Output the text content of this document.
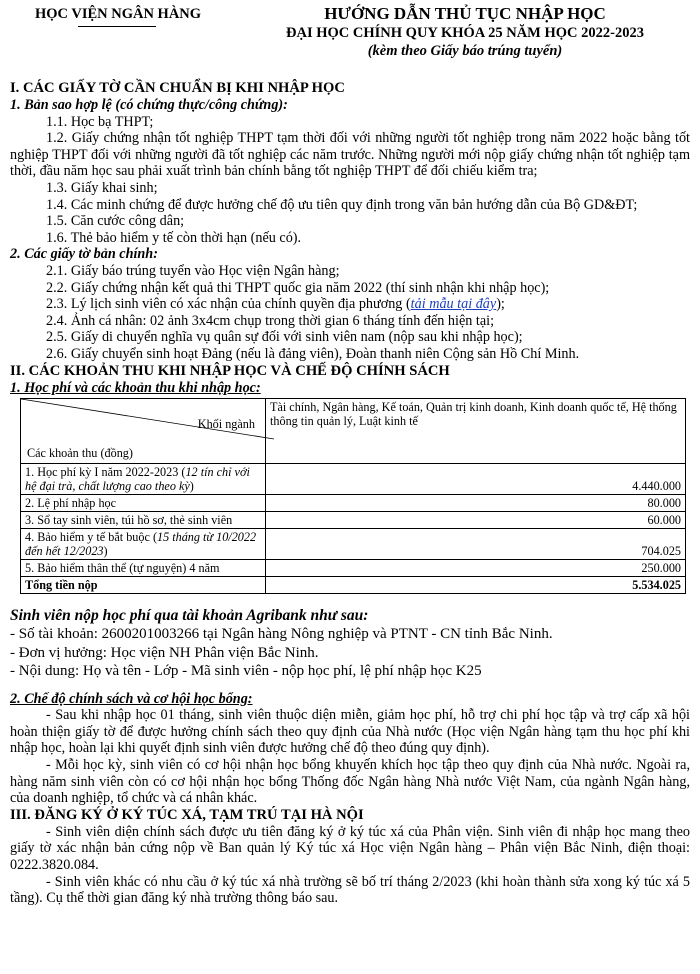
HỌC VIỆN NGÂN HÀNG	HƯỚNG DẪN THỦ TỤC NHẬP HỌC
ĐẠI HỌC CHÍNH QUY KHÓA 25 NĂM HỌC 2022-2023
(kèm theo Giấy báo trúng tuyển)
I. CÁC GIẤY TỜ CẦN CHUẨN BỊ KHI NHẬP HỌC
1. Bản sao hợp lệ (có chứng thực/công chứng):
1.1. Học bạ THPT;
1.2. Giấy chứng nhận tốt nghiệp THPT tạm thời đối với những người tốt nghiệp trong năm 2022 hoặc bằng tốt nghiệp THPT đối với những người đã tốt nghiệp các năm trước. Những người mới nộp giấy chứng nhận tốt nghiệp tạm thời, đầu năm học sau phải xuất trình bản chính bằng tốt nghiệp THPT để đối chiếu kiểm tra;
1.3. Giấy khai sinh;
1.4. Các minh chứng để được hưởng chế độ ưu tiên quy định trong văn bản hướng dẫn của Bộ GD&ĐT;
1.5. Căn cước công dân;
1.6. Thẻ bảo hiểm y tế còn thời hạn (nếu có).
2. Các giấy tờ bản chính:
2.1. Giấy báo trúng tuyển vào Học viện Ngân hàng;
2.2. Giấy chứng nhận kết quả thi THPT quốc gia năm 2022 (thí sinh nhận khi nhập học);
2.3. Lý lịch sinh viên có xác nhận của chính quyền địa phương (tải mẫu tại đây);
2.4. Ảnh cá nhân: 02 ảnh 3x4cm chụp trong thời gian 6 tháng tính đến hiện tại;
2.5. Giấy di chuyển nghĩa vụ quân sự đối với sinh viên nam (nộp sau khi nhập học);
2.6. Giấy chuyển sinh hoạt Đảng (nếu là đảng viên), Đoàn thanh niên Cộng sản Hồ Chí Minh.
II. CÁC KHOẢN THU KHI NHẬP HỌC VÀ CHẾ ĐỘ CHÍNH SÁCH
1. Học phí và các khoản thu khi nhập học:
Khối ngành
Các khoản thu (đồng)	Tài chính, Ngân hàng, Kế toán, Quản trị kinh doanh, Kinh doanh quốc tế, Hệ thống thông tin quản lý, Luật kinh tế
1. Học phí kỳ I năm 2022-2023 (12 tín chỉ với hệ đại trà, chất lượng cao theo kỳ)	4.440.000
2. Lệ phí nhập học	80.000
3. Sổ tay sinh viên, túi hồ sơ, thẻ sinh viên	60.000
4. Bảo hiểm y tế bắt buộc (15 tháng từ 10/2022 đến hết 12/2023)	704.025
5. Bảo hiểm thân thể (tự nguyện) 4 năm	250.000
Tổng tiền nộp	5.534.025
Sinh viên nộp học phí qua tài khoản Agribank như sau:
- Số tài khoản: 2600201003266 tại Ngân hàng Nông nghiệp và PTNT - CN tỉnh Bắc Ninh.
- Đơn vị hưởng: Học viện NH Phân viện Bắc Ninh.
- Nội dung: Họ và tên - Lớp - Mã sinh viên - nộp học phí, lệ phí nhập học K25
2. Chế độ chính sách và cơ hội học bổng:
- Sau khi nhập học 01 tháng, sinh viên thuộc diện miễn, giảm học phí, hỗ trợ chi phí học tập và trợ cấp xã hội hoàn thiện giấy tờ để được hưởng chính sách theo quy định của Nhà nước (Học viện Ngân hàng tạm thu học phí khi nhập học, hoàn lại khi quyết định sinh viên được hưởng chế độ theo đúng quy định).
- Mỗi học kỳ, sinh viên có cơ hội nhận học bổng khuyến khích học tập theo quy định của Nhà nước. Ngoài ra, hàng năm sinh viên còn có cơ hội nhận học bổng Thống đốc Ngân hàng Nhà nước Việt Nam, của ngành Ngân hàng, của doanh nghiệp, tổ chức và cá nhân khác.
III. ĐĂNG KÝ Ở KÝ TÚC XÁ, TẠM TRÚ TẠI HÀ NỘI
- Sinh viên diện chính sách được ưu tiên đăng ký ở ký túc xá của Phân viện. Sinh viên đi nhập học mang theo giấy tờ xác nhận bản cứng nộp về Ban quản lý Ký túc xá Học viện Ngân hàng – Phân viện Bắc Ninh, điện thoại: 0222.3820.084.
- Sinh viên khác có nhu cầu ở ký túc xá nhà trường sẽ bố trí tháng 2/2023 (khi hoàn thành sửa xong ký túc xá 5 tầng). Cụ thể thời gian đăng ký nhà trường thông báo sau.
